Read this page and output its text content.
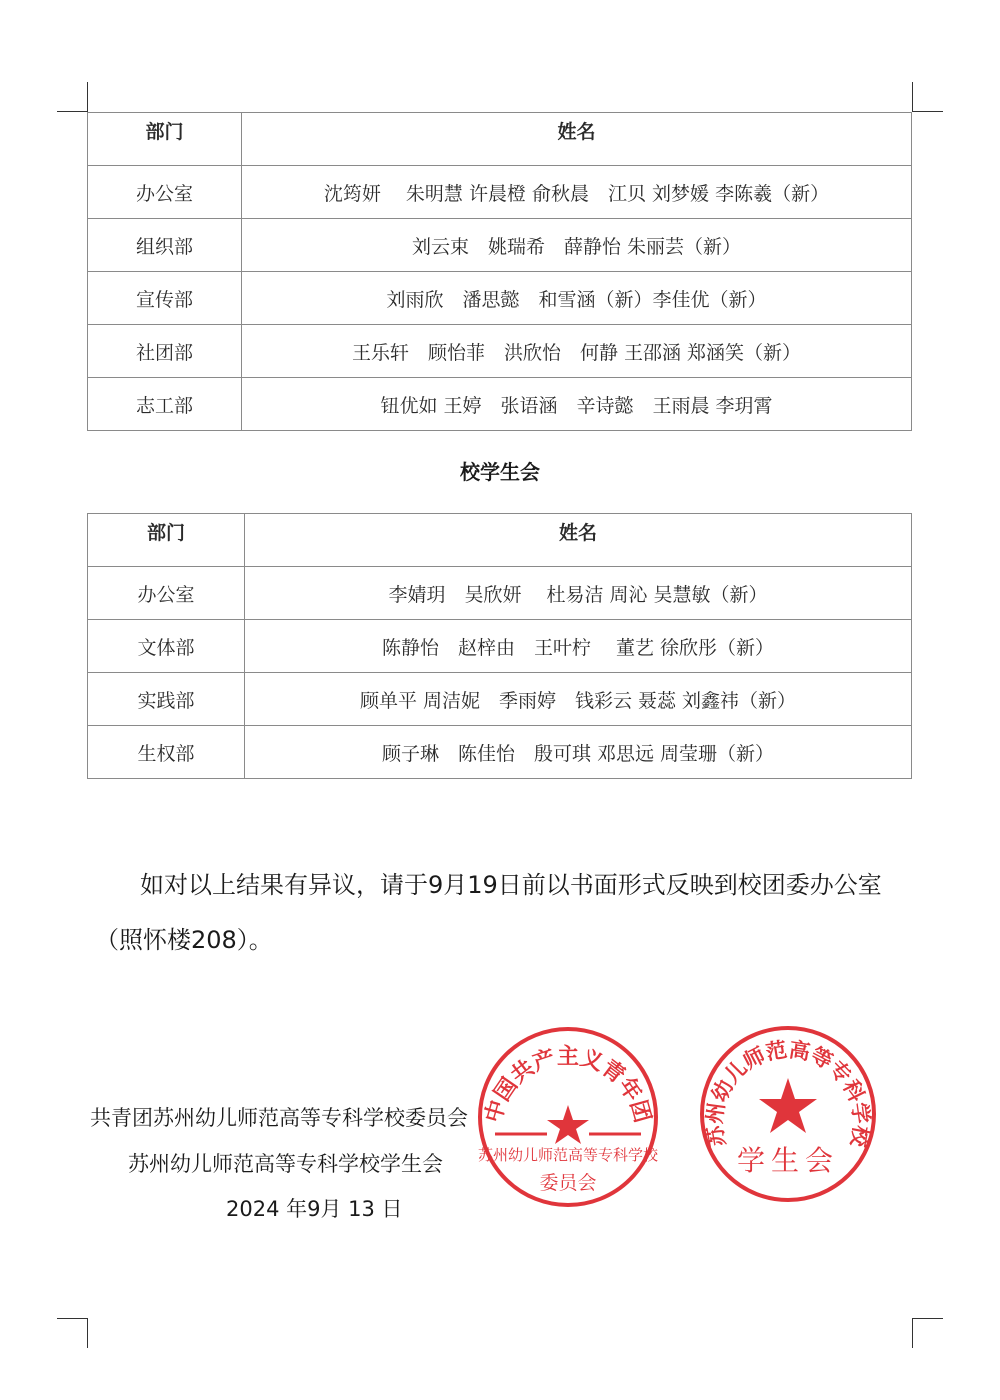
部门	姓名
办公室	沈筠妍　 朱明慧 许晨橙 俞秋晨　江贝 刘梦媛 李陈羲（新）
组织部	刘云束　姚瑞希　薛静怡 朱丽芸（新）
宣传部	刘雨欣　潘思懿　和雪涵（新）李佳优（新）
社团部	王乐轩　顾怡菲　洪欣怡　何静 王邵涵 郑涵笑（新）
志工部	钮优如 王婷　张语涵　辛诗懿　王雨晨 李玥霄
校学生会
部门	姓名
办公室	李婧玥　吴欣妍　 杜易洁 周沁 吴慧敏（新）
文体部	陈静怡　赵梓由　王叶柠　 董艺 徐欣彤（新）
实践部	顾单平 周洁妮　季雨婷　钱彩云 聂蕊 刘鑫祎（新）
生权部	顾子琳　陈佳怡　殷可琪 邓思远 周莹珊（新）
如对以上结果有异议，请于9月19日前以书面形式反映到校团委办公室
（照怀楼208）。
共青团苏州幼儿师范高等专科学校委员会
苏州幼儿师范高等专科学校学生会
2024 年9月 13 日
中国共产主义青年团
苏州幼儿师范高等专科学校
委员会
苏州幼儿师范高等专科学校
学生会
